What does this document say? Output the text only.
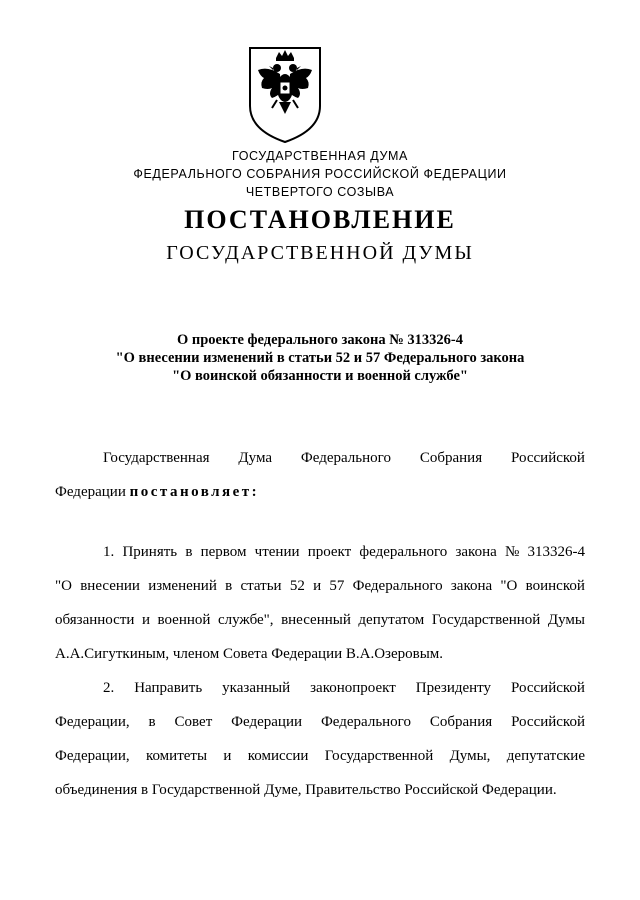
ГОСУДАРСТВЕННАЯ ДУМА
ФЕДЕРАЛЬНОГО СОБРАНИЯ РОССИЙСКОЙ ФЕДЕРАЦИИ
ЧЕТВЕРТОГО СОЗЫВА
ПОСТАНОВЛЕНИЕ
ГОСУДАРСТВЕННОЙ ДУМЫ
О проекте федерального закона № 313326-4
"О внесении изменений в статьи 52 и 57 Федерального закона
"О воинской обязанности и военной службе"
Государственная Дума Федерального Собрания Российской
Федерации постановляет:
1. Принять в первом чтении проект федерального закона № 313326-4
"О внесении изменений в статьи 52 и 57 Федерального закона "О воинской
обязанности и военной службе", внесенный депутатом Государственной Думы
А.А.Сигуткиным, членом Совета Федерации В.А.Озеровым.
2. Направить указанный законопроект Президенту Российской
Федерации, в Совет Федерации Федерального Собрания Российской
Федерации, комитеты и комиссии Государственной Думы, депутатские
объединения в Государственной Думе, Правительство Российской Федерации.
